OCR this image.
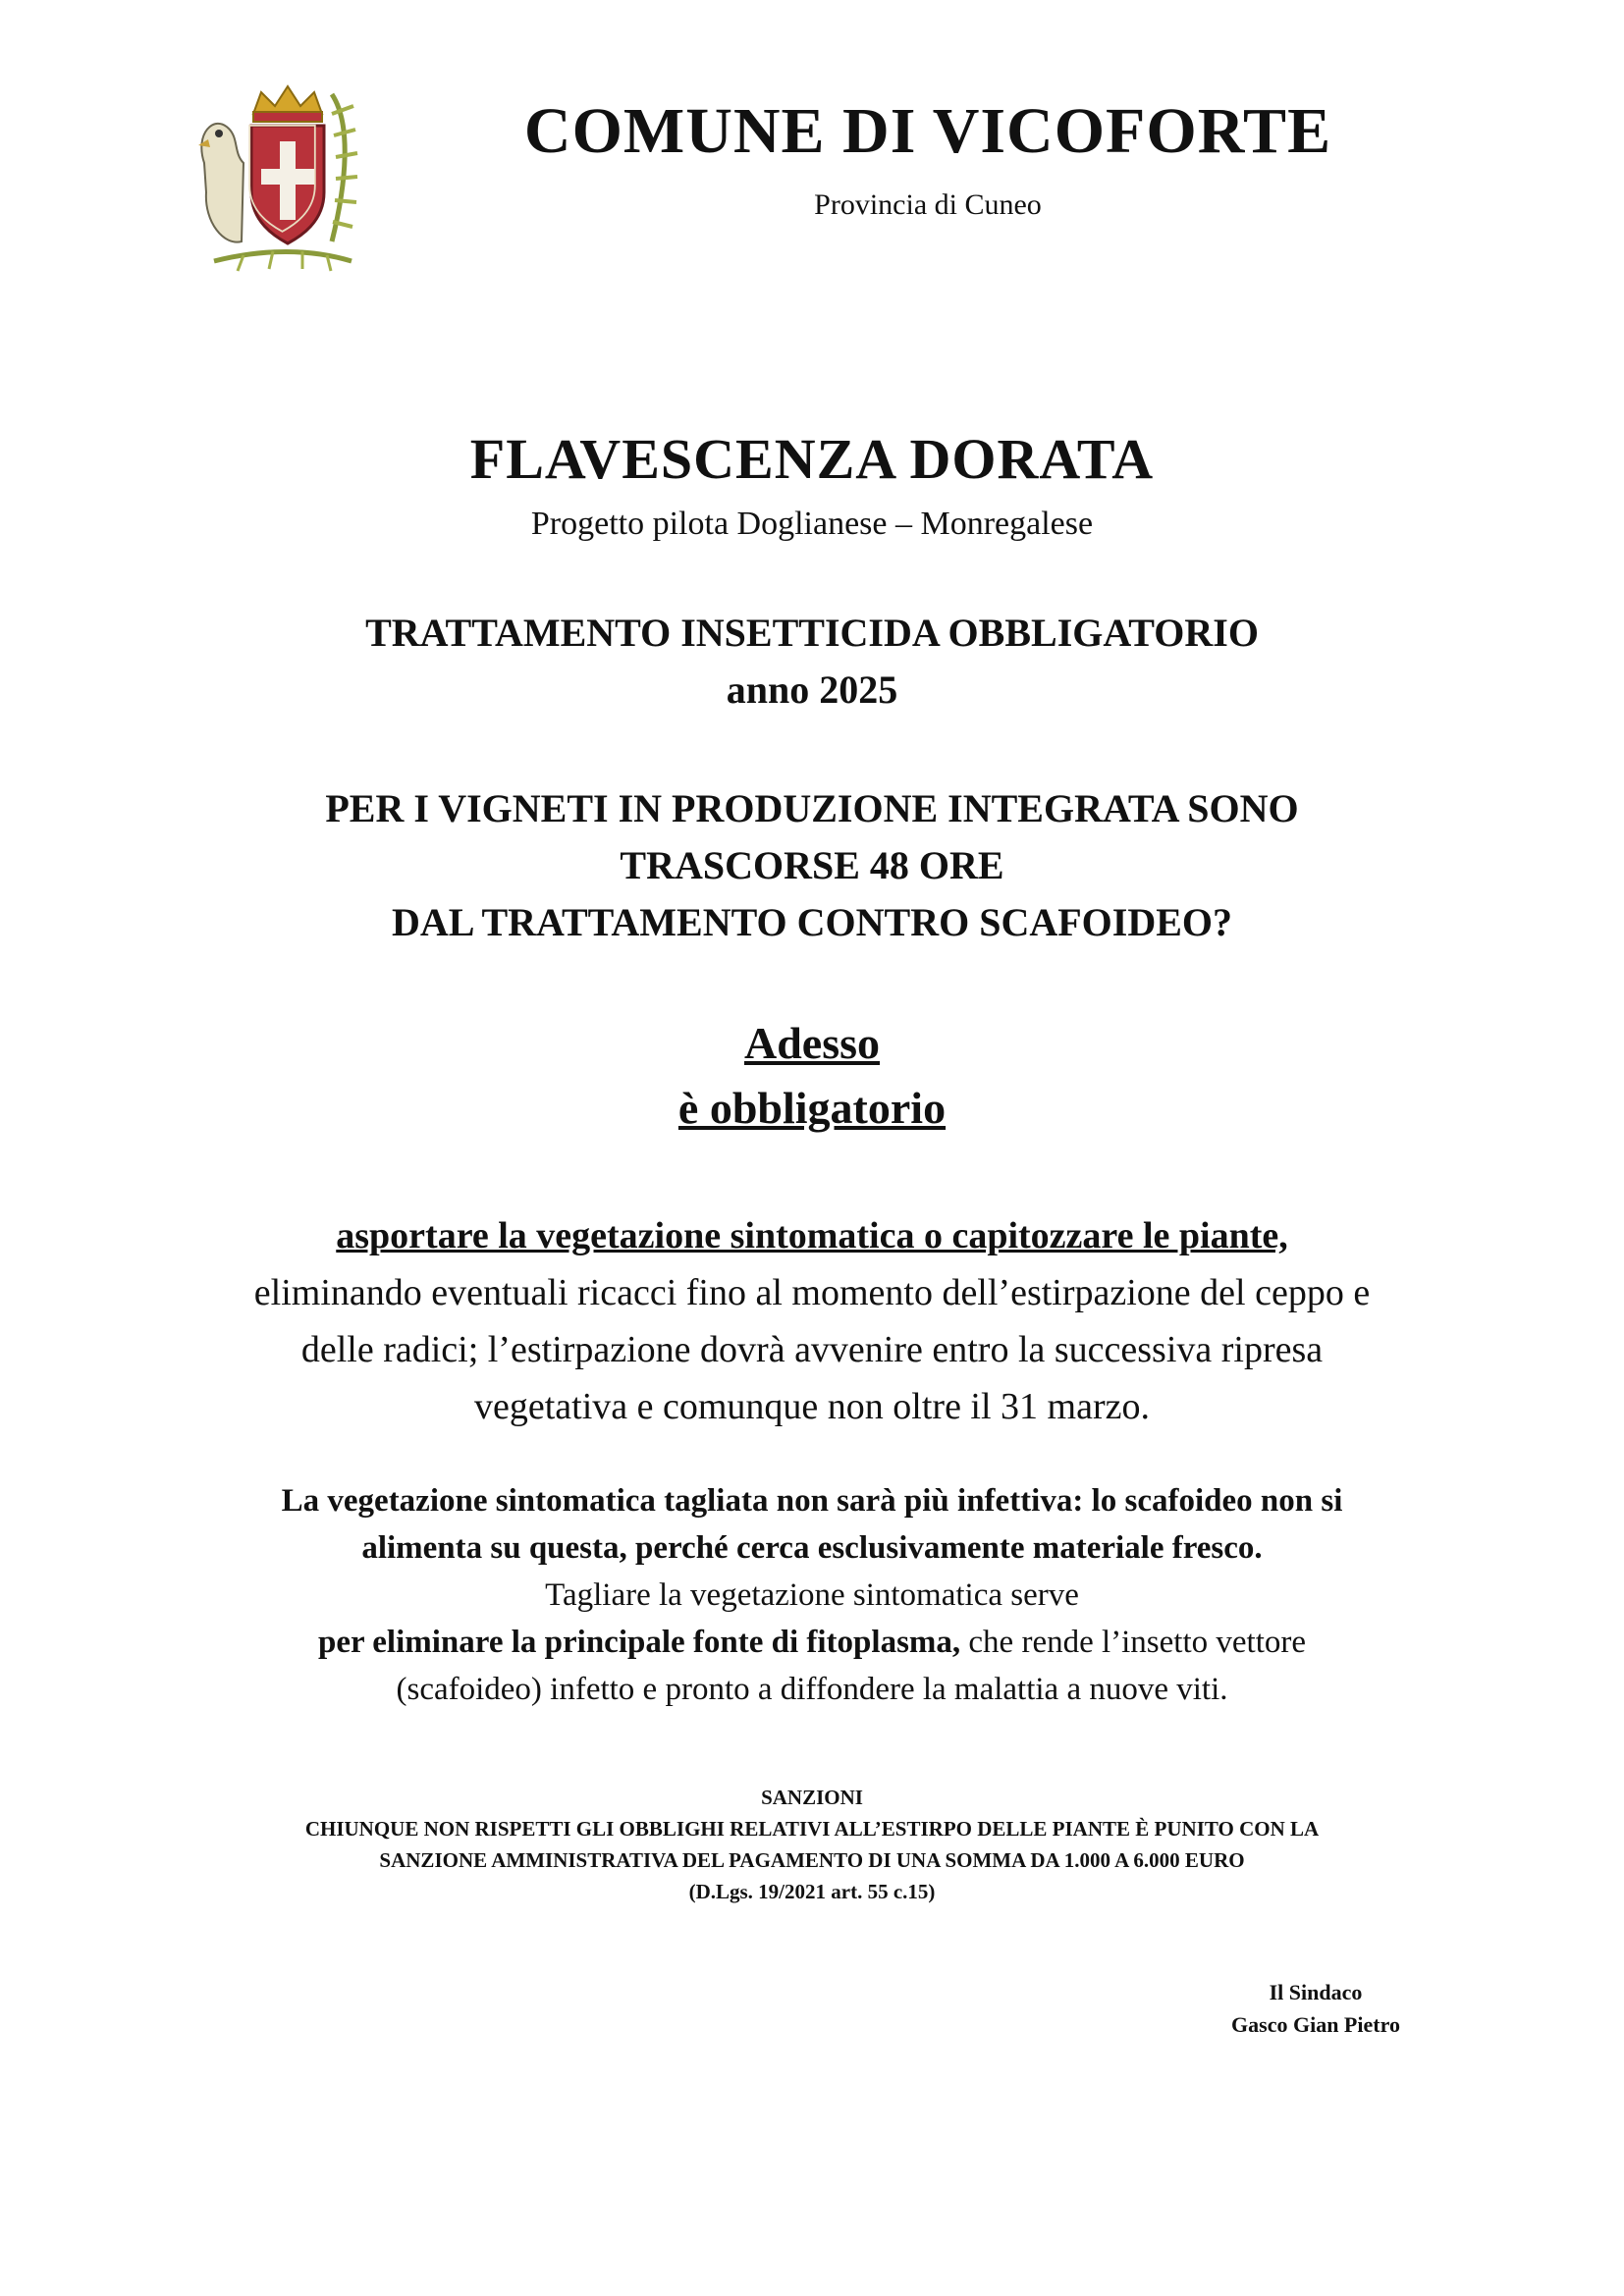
COMUNE DI VICOFORTE

Provincia di Cuneo

FLAVESCENZA DORATA

Progetto pilota Doglianese – Monregalese

TRATTAMENTO INSETTICIDA OBBLIGATORIO
anno 2025
PER I VIGNETI IN PRODUZIONE INTEGRATA SONO
TRASCORSE 48 ORE
DAL TRATTAMENTO CONTRO SCAFOIDEO?
Adesso
è obbligatorio
asportare la vegetazione sintomatica o capitozzare le piante,
eliminando eventuali ricacci fino al momento dell’estirpazione del ceppo e
delle radici; l’estirpazione dovrà avvenire entro la successiva ripresa
vegetativa e comunque non oltre il 31 marzo.
La vegetazione sintomatica tagliata non sarà più infettiva: lo scafoideo non si
alimenta su questa, perché cerca esclusivamente materiale fresco.
Tagliare la vegetazione sintomatica serve
per eliminare la principale fonte di fitoplasma, che rende l’insetto vettore
(scafoideo) infetto e pronto a diffondere la malattia a nuove viti.
SANZIONI
CHIUNQUE NON RISPETTI GLI OBBLIGHI RELATIVI ALL’ESTIRPO DELLE PIANTE È PUNITO CON LA
SANZIONE AMMINISTRATIVA DEL PAGAMENTO DI UNA SOMMA DA 1.000 A 6.000 EURO
(D.Lgs. 19/2021 art. 55 c.15)
Il Sindaco
Gasco Gian Pietro
